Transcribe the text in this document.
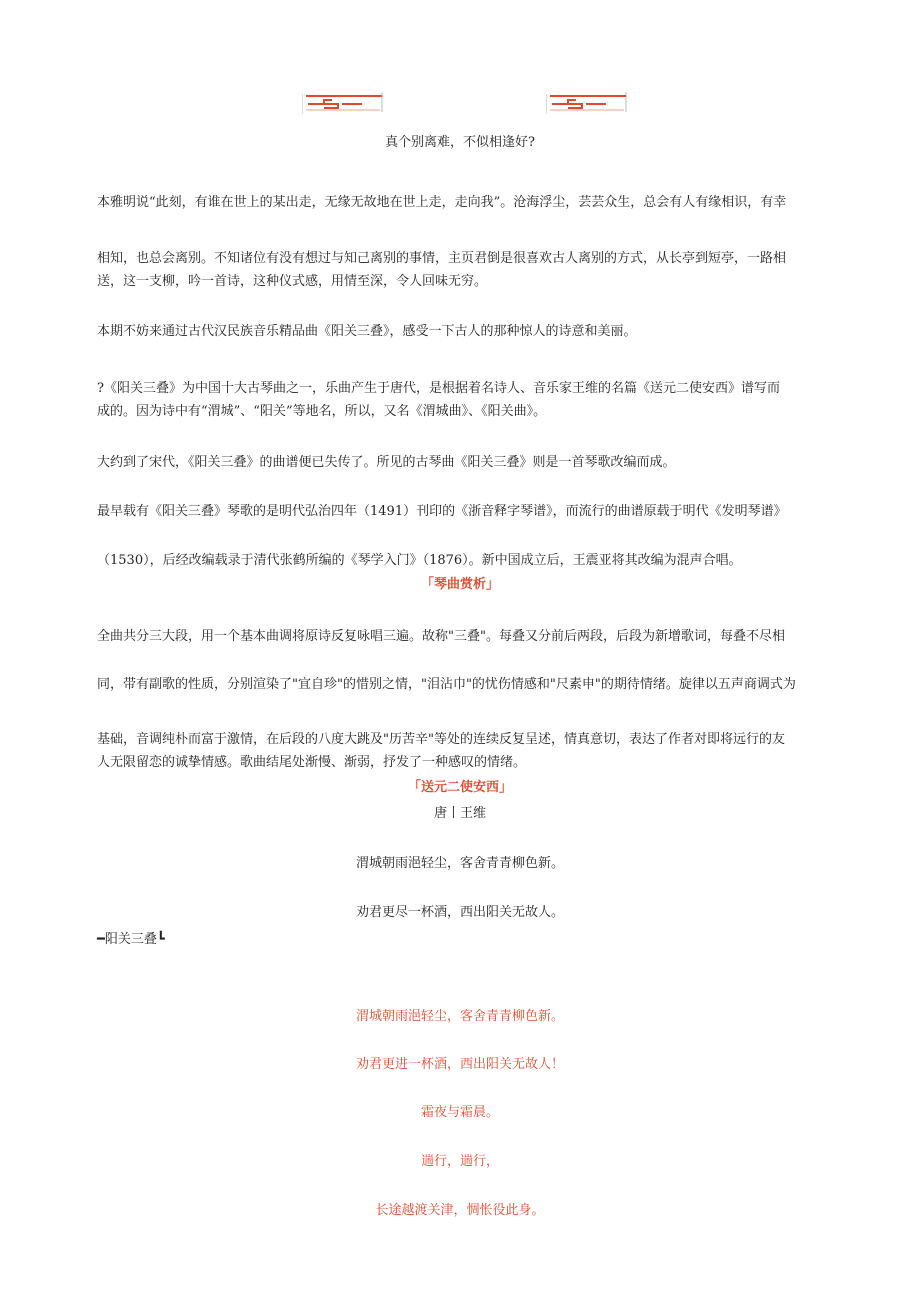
真个别离难，不似相逢好?
本雅明说“此刻，有谁在世上的某出走，无缘无故地在世上走，走向我”。沧海浮尘，芸芸众生，总会有人有缘相识，有幸
相知，也总会离别。不知诸位有没有想过与知己离别的事情，主页君倒是很喜欢古人离别的方式，从长亭到短亭，一路相
送，这一支柳，吟一首诗，这种仪式感，用情至深，令人回味无穷。
本期不妨来通过古代汉民族音乐精品曲《阳关三叠》，感受一下古人的那种惊人的诗意和美丽。
?《阳关三叠》为中国十大古琴曲之一，乐曲产生于唐代，是根据着名诗人、音乐家王维的名篇《送元二使安西》谱写而
成的。因为诗中有“渭城”、“阳关”等地名，所以，又名《渭城曲》、《阳关曲》。
大约到了宋代，《阳关三叠》的曲谱便已失传了。所见的古琴曲《阳关三叠》则是一首琴歌改编而成。
最早载有《阳关三叠》琴歌的是明代弘治四年（1491）刊印的《浙音释字琴谱》，而流行的曲谱原载于明代《发明琴谱》
（1530），后经改编载录于清代张鹤所编的《琴学入门》（1876）。新中国成立后，王震亚将其改编为混声合唱。
「琴曲赏析」
全曲共分三大段，用一个基本曲调将原诗反复咏唱三遍。故称"三叠"。每叠又分前后两段，后段为新增歌词，每叠不尽相
同，带有副歌的性质，分别渲染了"宜自珍"的惜别之情，"泪沾巾"的忧伤情感和"尺素申"的期待情绪。旋律以五声商调式为
基础，音调纯朴而富于激情，在后段的八度大跳及"历苦辛"等处的连续反复呈述，情真意切，表达了作者对即将远行的友
人无限留恋的诚挚情感。歌曲结尾处渐慢、渐弱，抒发了一种感叹的情绪。
「送元二使安西」
唐丨王维
渭城朝雨浥轻尘，客舍青青柳色新。
劝君更尽一杯酒，西出阳关无故人。
━阳关三叠┗
渭城朝雨浥轻尘，客舍青青柳色新。
劝君更进一杯酒，西出阳关无故人！
霜夜与霜晨。
遄行，遄行，
长途越渡关津，惆怅役此身。
